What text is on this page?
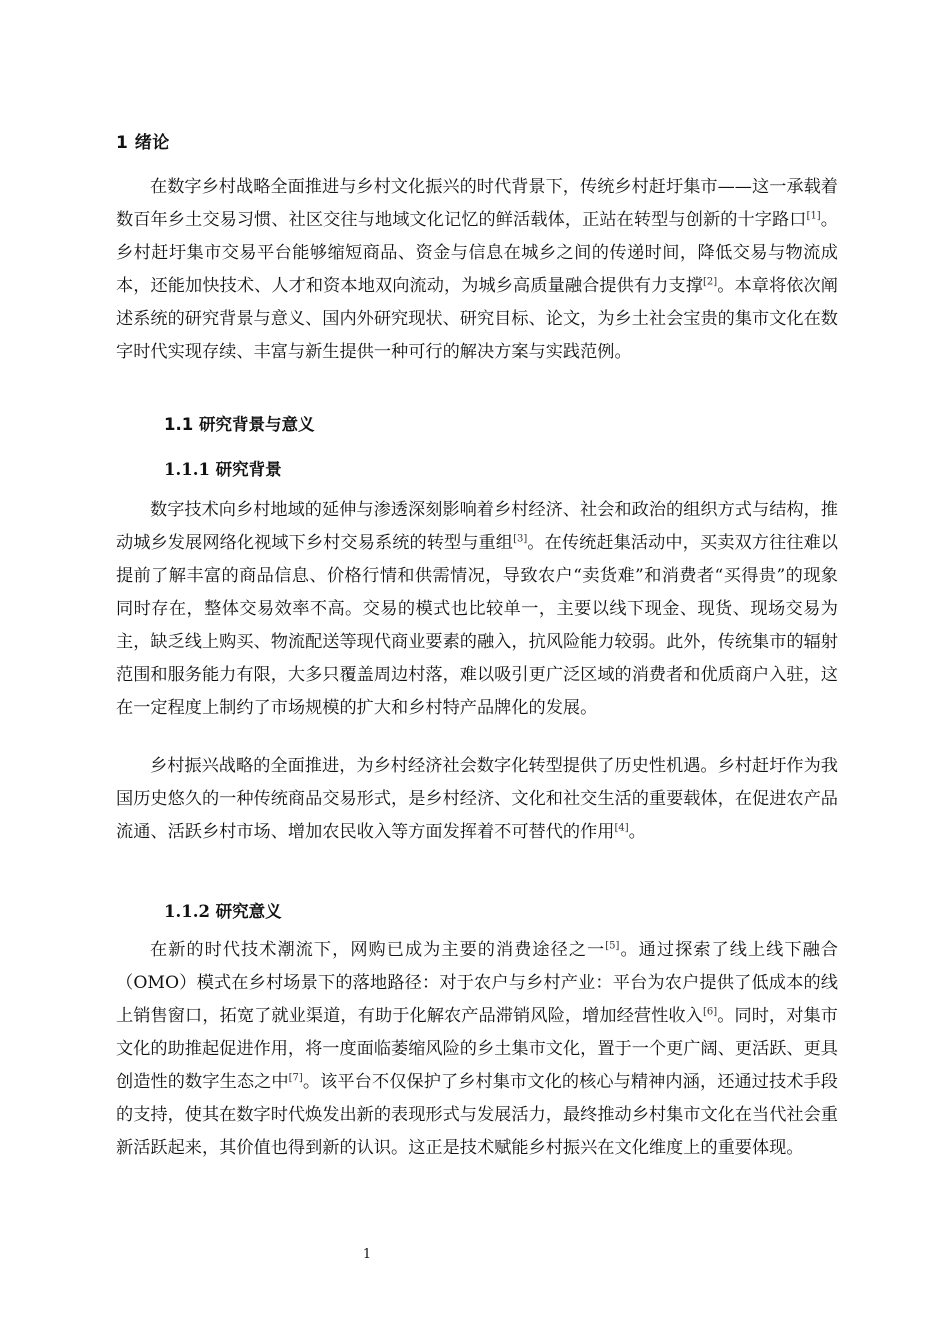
1 绪论

在数字乡村战略全面推进与乡村文化振兴的时代背景下，传统乡村赶圩集市——这一承载着数百年乡土交易习惯、社区交往与地域文化记忆的鲜活载体，正站在转型与创新的十字路口[1]。乡村赶圩集市交易平台能够缩短商品、资金与信息在城乡之间的传递时间，降低交易与物流成本，还能加快技术、人才和资本地双向流动，为城乡高质量融合提供有力支撑[2]。本章将依次阐述系统的研究背景与意义、国内外研究现状、研究目标、论文，为乡土社会宝贵的集市文化在数字时代实现存续、丰富与新生提供一种可行的解决方案与实践范例。

1.1 研究背景与意义
1.1.1 研究背景

数字技术向乡村地域的延伸与渗透深刻影响着乡村经济、社会和政治的组织方式与结构，推动城乡发展网络化视域下乡村交易系统的转型与重组[3]。在传统赶集活动中，买卖双方往往难以提前了解丰富的商品信息、价格行情和供需情况，导致农户“卖货难”和消费者“买得贵”的现象同时存在，整体交易效率不高。交易的模式也比较单一，主要以线下现金、现货、现场交易为主，缺乏线上购买、物流配送等现代商业要素的融入，抗风险能力较弱。此外，传统集市的辐射范围和服务能力有限，大多只覆盖周边村落，难以吸引更广泛区域的消费者和优质商户入驻，这在一定程度上制约了市场规模的扩大和乡村特产品牌化的发展。

乡村振兴战略的全面推进，为乡村经济社会数字化转型提供了历史性机遇。乡村赶圩作为我国历史悠久的一种传统商品交易形式，是乡村经济、文化和社交生活的重要载体，在促进农产品流通、活跃乡村市场、增加农民收入等方面发挥着不可替代的作用[4]。

1.1.2 研究意义

在新的时代技术潮流下，网购已成为主要的消费途径之一[5]。通过探索了线上线下融合（OMO）模式在乡村场景下的落地路径：对于农户与乡村产业：平台为农户提供了低成本的线上销售窗口，拓宽了就业渠道，有助于化解农产品滞销风险，增加经营性收入[6]。同时，对集市文化的助推起促进作用，将一度面临萎缩风险的乡土集市文化，置于一个更广阔、更活跃、更具创造性的数字生态之中[7]。该平台不仅保护了乡村集市文化的核心与精神内涵，还通过技术手段的支持，使其在数字时代焕发出新的表现形式与发展活力，最终推动乡村集市文化在当代社会重新活跃起来，其价值也得到新的认识。这正是技术赋能乡村振兴在文化维度上的重要体现。

1
